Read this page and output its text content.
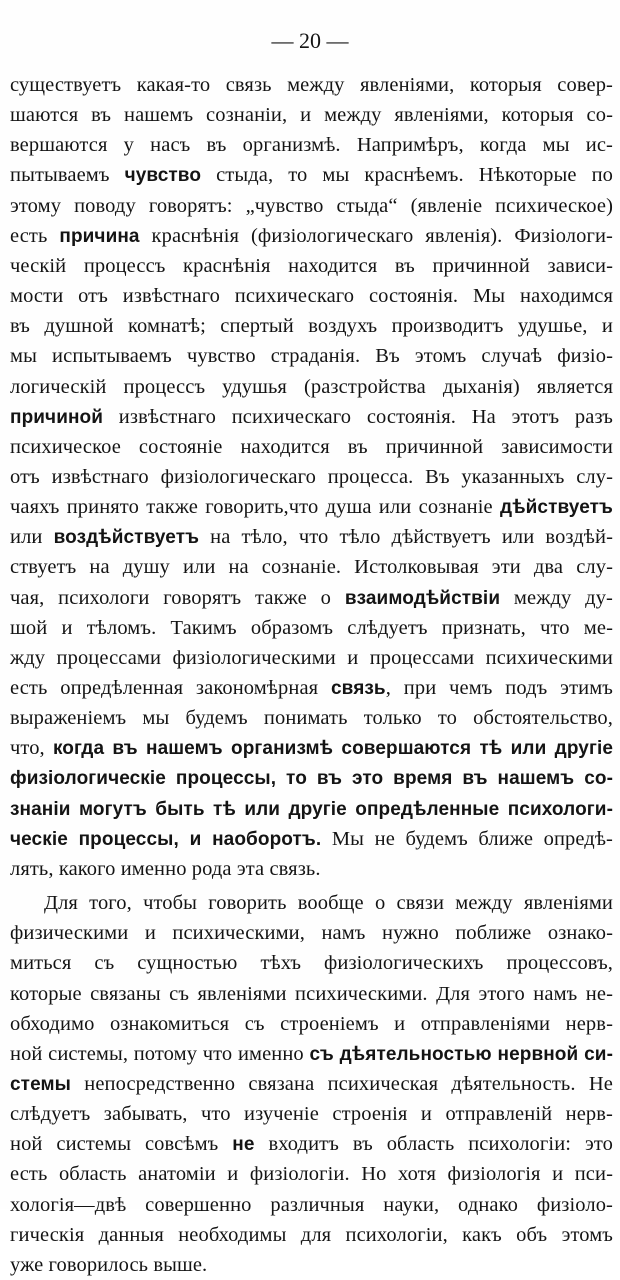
— 20 —
существуетъ какая-то связь между явленіями, которыя совер-
шаются въ нашемъ сознаніи, и между явленіями, которыя со-
вершаются у насъ въ организмѣ. Напримѣръ, когда мы ис-
пытываемъ чувство стыда, то мы краснѣемъ. Нѣкоторые по
этому поводу говорятъ: „чувство стыда“ (явленіе психическое)
есть причина краснѣнія (физіологическаго явленія). Физіологи-
ческій процессъ краснѣнія находится въ причинной зависи-
мости отъ извѣстнаго психическаго состоянія. Мы находимся
въ душной комнатѣ; спертый воздухъ производитъ удушье, и
мы испытываемъ чувство страданія. Въ этомъ случаѣ физіо-
логическій процессъ удушья (разстройства дыханія) является
причиной извѣстнаго психическаго состоянія. На этотъ разъ
психическое состояніе находится въ причинной зависимости
отъ извѣстнаго физіологическаго процесса. Въ указанныхъ слу-
чаяхъ принято также говорить,что душа или сознаніе дѣйствуетъ
или воздѣйствуетъ на тѣло, что тѣло дѣйствуетъ или воздѣй-
ствуетъ на душу или на сознаніе. Истолковывая эти два слу-
чая, психологи говорятъ также о взаимодѣйствіи между ду-
шой и тѣломъ. Такимъ образомъ слѣдуетъ признать, что ме-
жду процессами физіологическими и процессами психическими
есть опредѣленная закономѣрная связь, при чемъ подъ этимъ
выраженіемъ мы будемъ понимать только то обстоятельство,
что, когда въ нашемъ организмѣ совершаются тѣ или другіе
физіологическіе процессы, то въ это время въ нашемъ со-
знаніи могутъ быть тѣ или другіе опредѣленные психологи-
ческіе процессы, и наоборотъ. Мы не будемъ ближе опредѣ-
лять, какого именно рода эта связь.
Для того, чтобы говорить вообще о связи между явленіями
физическими и психическими, намъ нужно поближе ознако-
миться съ сущностью тѣхъ физіологическихъ процессовъ,
которые связаны съ явленіями психическими. Для этого намъ не-
обходимо ознакомиться съ строеніемъ и отправленіями нерв-
ной системы, потому что именно съ дѣятельностью нервной си-
стемы непосредственно связана психическая дѣятельность. Не
слѣдуетъ забывать, что изученіе строенія и отправленій нерв-
ной системы совсѣмъ не входитъ въ область психологіи: это
есть область анатоміи и физіологіи. Но хотя физіологія и пси-
хологія—двѣ совершенно различныя науки, однако физіоло-
гическія данныя необходимы для психологіи, какъ объ этомъ
уже говорилось выше.
